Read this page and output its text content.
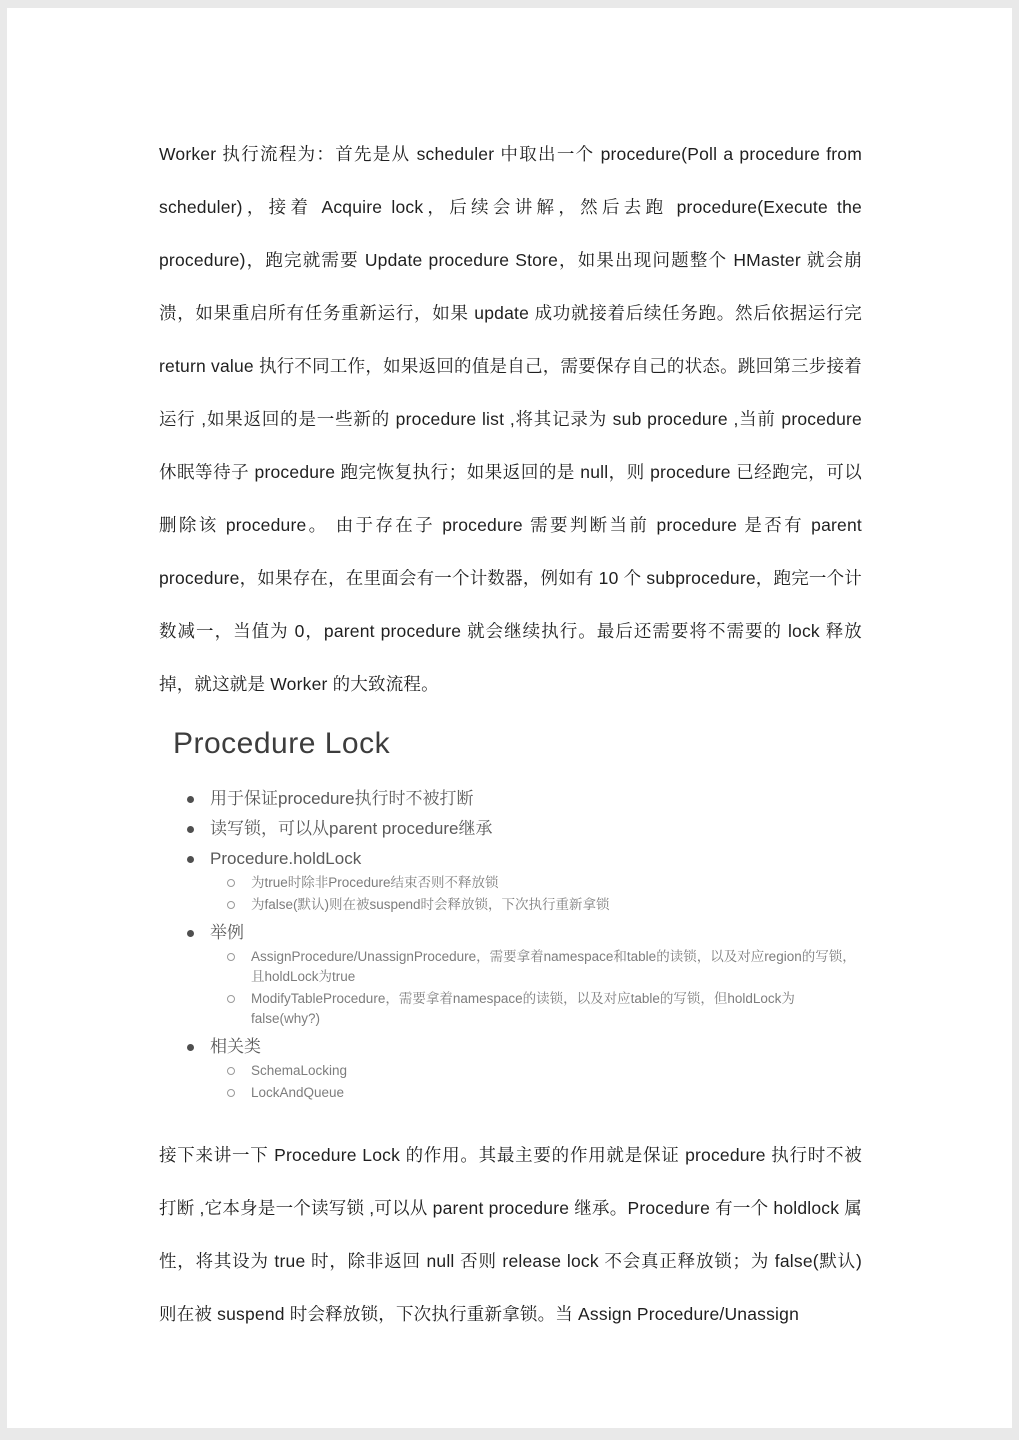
Worker 执行流程为：首先是从 scheduler 中取出一个 procedure(Poll a procedure from scheduler)，接着 Acquire lock，后续会讲解，然后去跑 procedure(Execute the procedure)，跑完就需要 Update procedure Store，如果出现问题整个 HMaster 就会崩溃，如果重启所有任务重新运行，如果 update 成功就接着后续任务跑。然后依据运行完 return value 执行不同工作，如果返回的值是自己，需要保存自己的状态。跳回第三步接着运行 ,如果返回的是一些新的 procedure list ,将其记录为 sub procedure ,当前 procedure 休眠等待子 procedure 跑完恢复执行；如果返回的是 null，则 procedure 已经跑完，可以删除该 procedure。 由于存在子 procedure 需要判断当前 procedure 是否有 parent procedure，如果存在，在里面会有一个计数器，例如有 10 个 subprocedure，跑完一个计数减一，当值为 0，parent procedure 就会继续执行。最后还需要将不需要的 lock 释放掉，就这就是 Worker 的大致流程。

Procedure Lock
用于保证procedure执行时不被打断
读写锁，可以从parent procedure继承
Procedure.holdLock
为true时除非Procedure结束否则不释放锁
为false(默认)则在被suspend时会释放锁，下次执行重新拿锁
举例
AssignProcedure/UnassignProcedure，需要拿着namespace和table的读锁，以及对应region的写锁，且holdLock为true
ModifyTableProcedure，需要拿着namespace的读锁，以及对应table的写锁，但holdLock为false(why?)
相关类
SchemaLocking
LockAndQueue

接下来讲一下 Procedure Lock 的作用。其最主要的作用就是保证 procedure 执行时不被打断 ,它本身是一个读写锁 ,可以从 parent procedure 继承。Procedure 有一个 holdlock 属性，将其设为 true 时，除非返回 null 否则 release lock 不会真正释放锁；为 false(默认) 则在被 suspend 时会释放锁，下次执行重新拿锁。当 Assign Procedure/Unassign
